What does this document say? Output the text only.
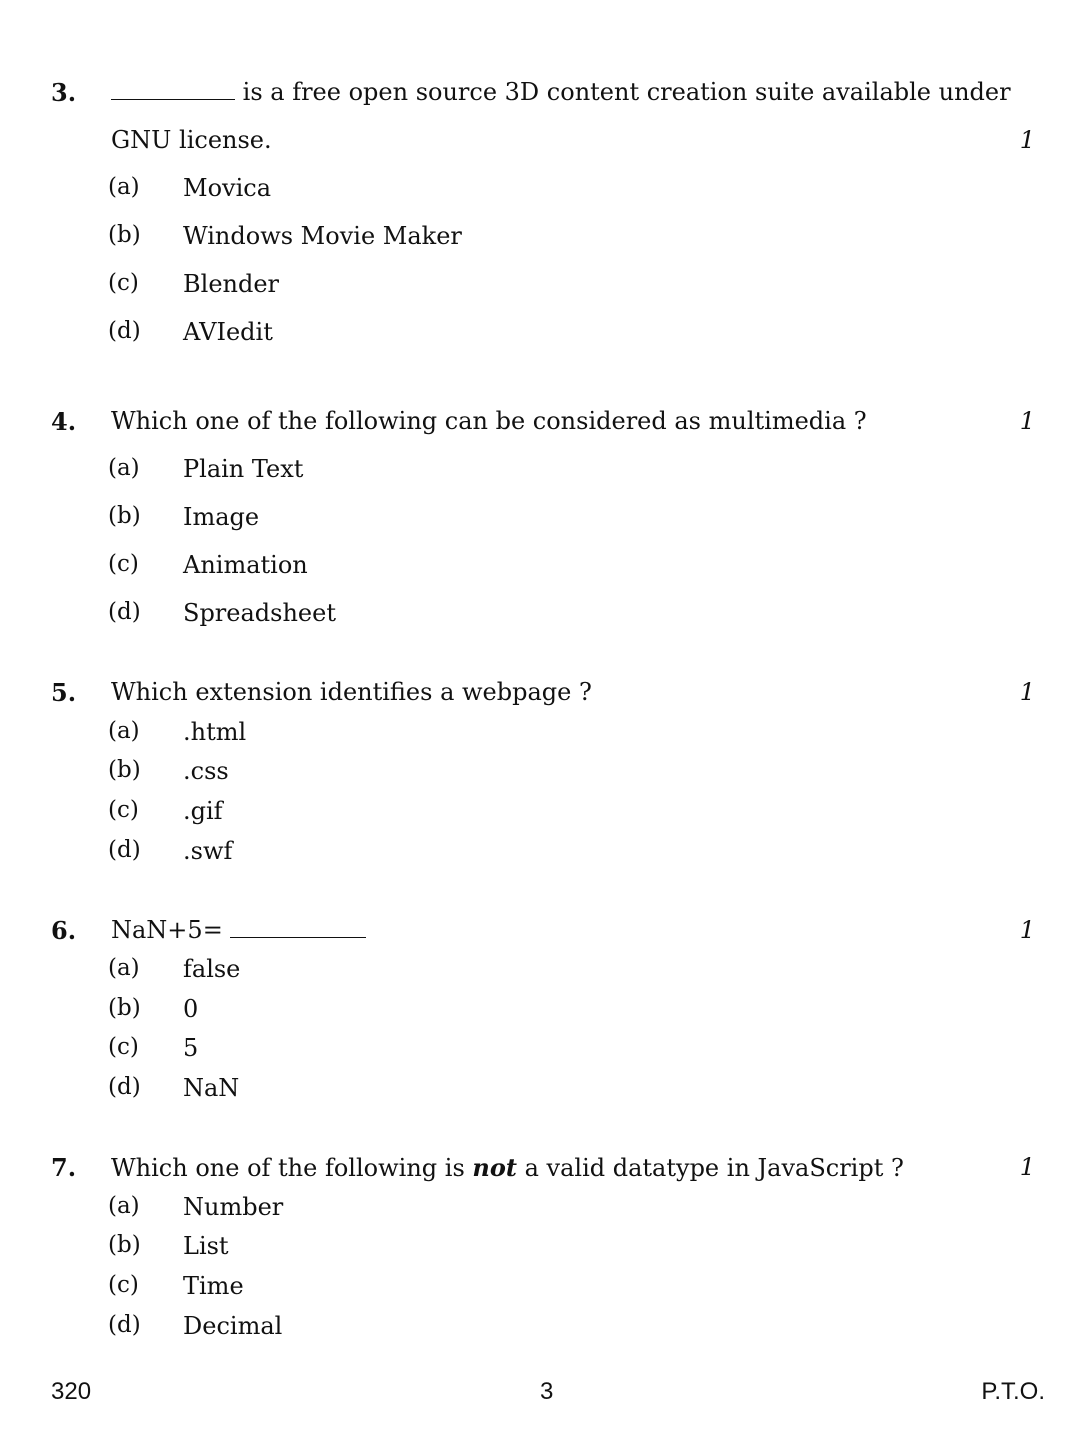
3.	is a free open source 3D content creation suite available under
GNU license.	1
(a) Movica
(b) Windows Movie Maker
(c) Blender
(d) AVIedit
4. Which one of the following can be considered as multimedia ?	1
(a) Plain Text
(b) Image
(c) Animation
(d) Spreadsheet
5. Which extension identifies a webpage ?	1
(a) .html
(b) .css
(c) .gif
(d) .swf
6. NaN+5=	1
(a) false
(b) 0
(c) 5
(d) NaN
7. Which one of the following is not a valid datatype in JavaScript ?	1
(a) Number
(b) List
(c) Time
(d) Decimal
320	3	P.T.O.
